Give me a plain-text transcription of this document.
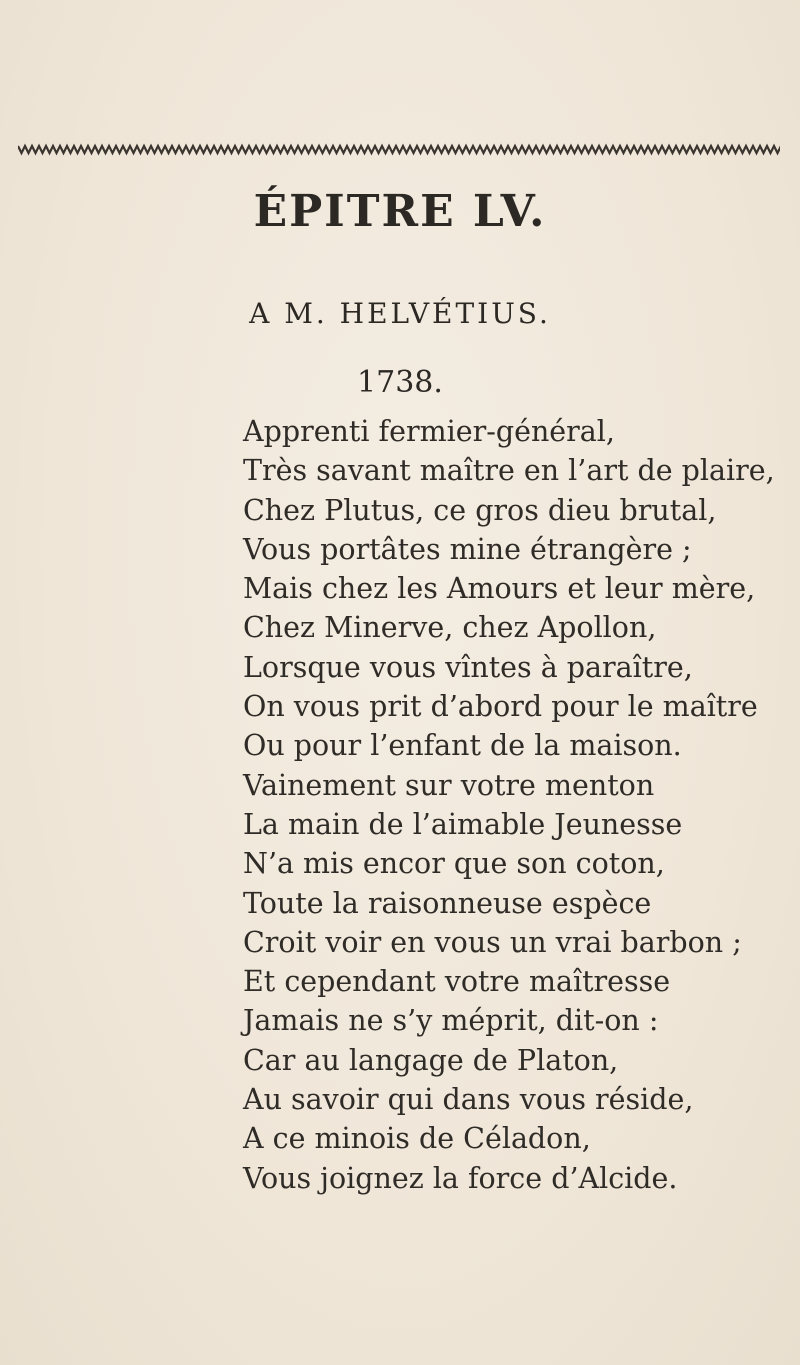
ÉPITRE LV.
A M. HELVÉTIUS.
1738.
Apprenti fermier-général,
Très savant maître en l’art de plaire,
Chez Plutus, ce gros dieu brutal,
Vous portâtes mine étrangère ;
Mais chez les Amours et leur mère,
Chez Minerve, chez Apollon,
Lorsque vous vîntes à paraître,
On vous prit d’abord pour le maître
Ou pour l’enfant de la maison.
Vainement sur votre menton
La main de l’aimable Jeunesse
N’a mis encor que son coton,
Toute la raisonneuse espèce
Croit voir en vous un vrai barbon ;
Et cependant votre maîtresse
Jamais ne s’y méprit, dit-on :
Car au langage de Platon,
Au savoir qui dans vous réside,
A ce minois de Céladon,
Vous joignez la force d’Alcide.
